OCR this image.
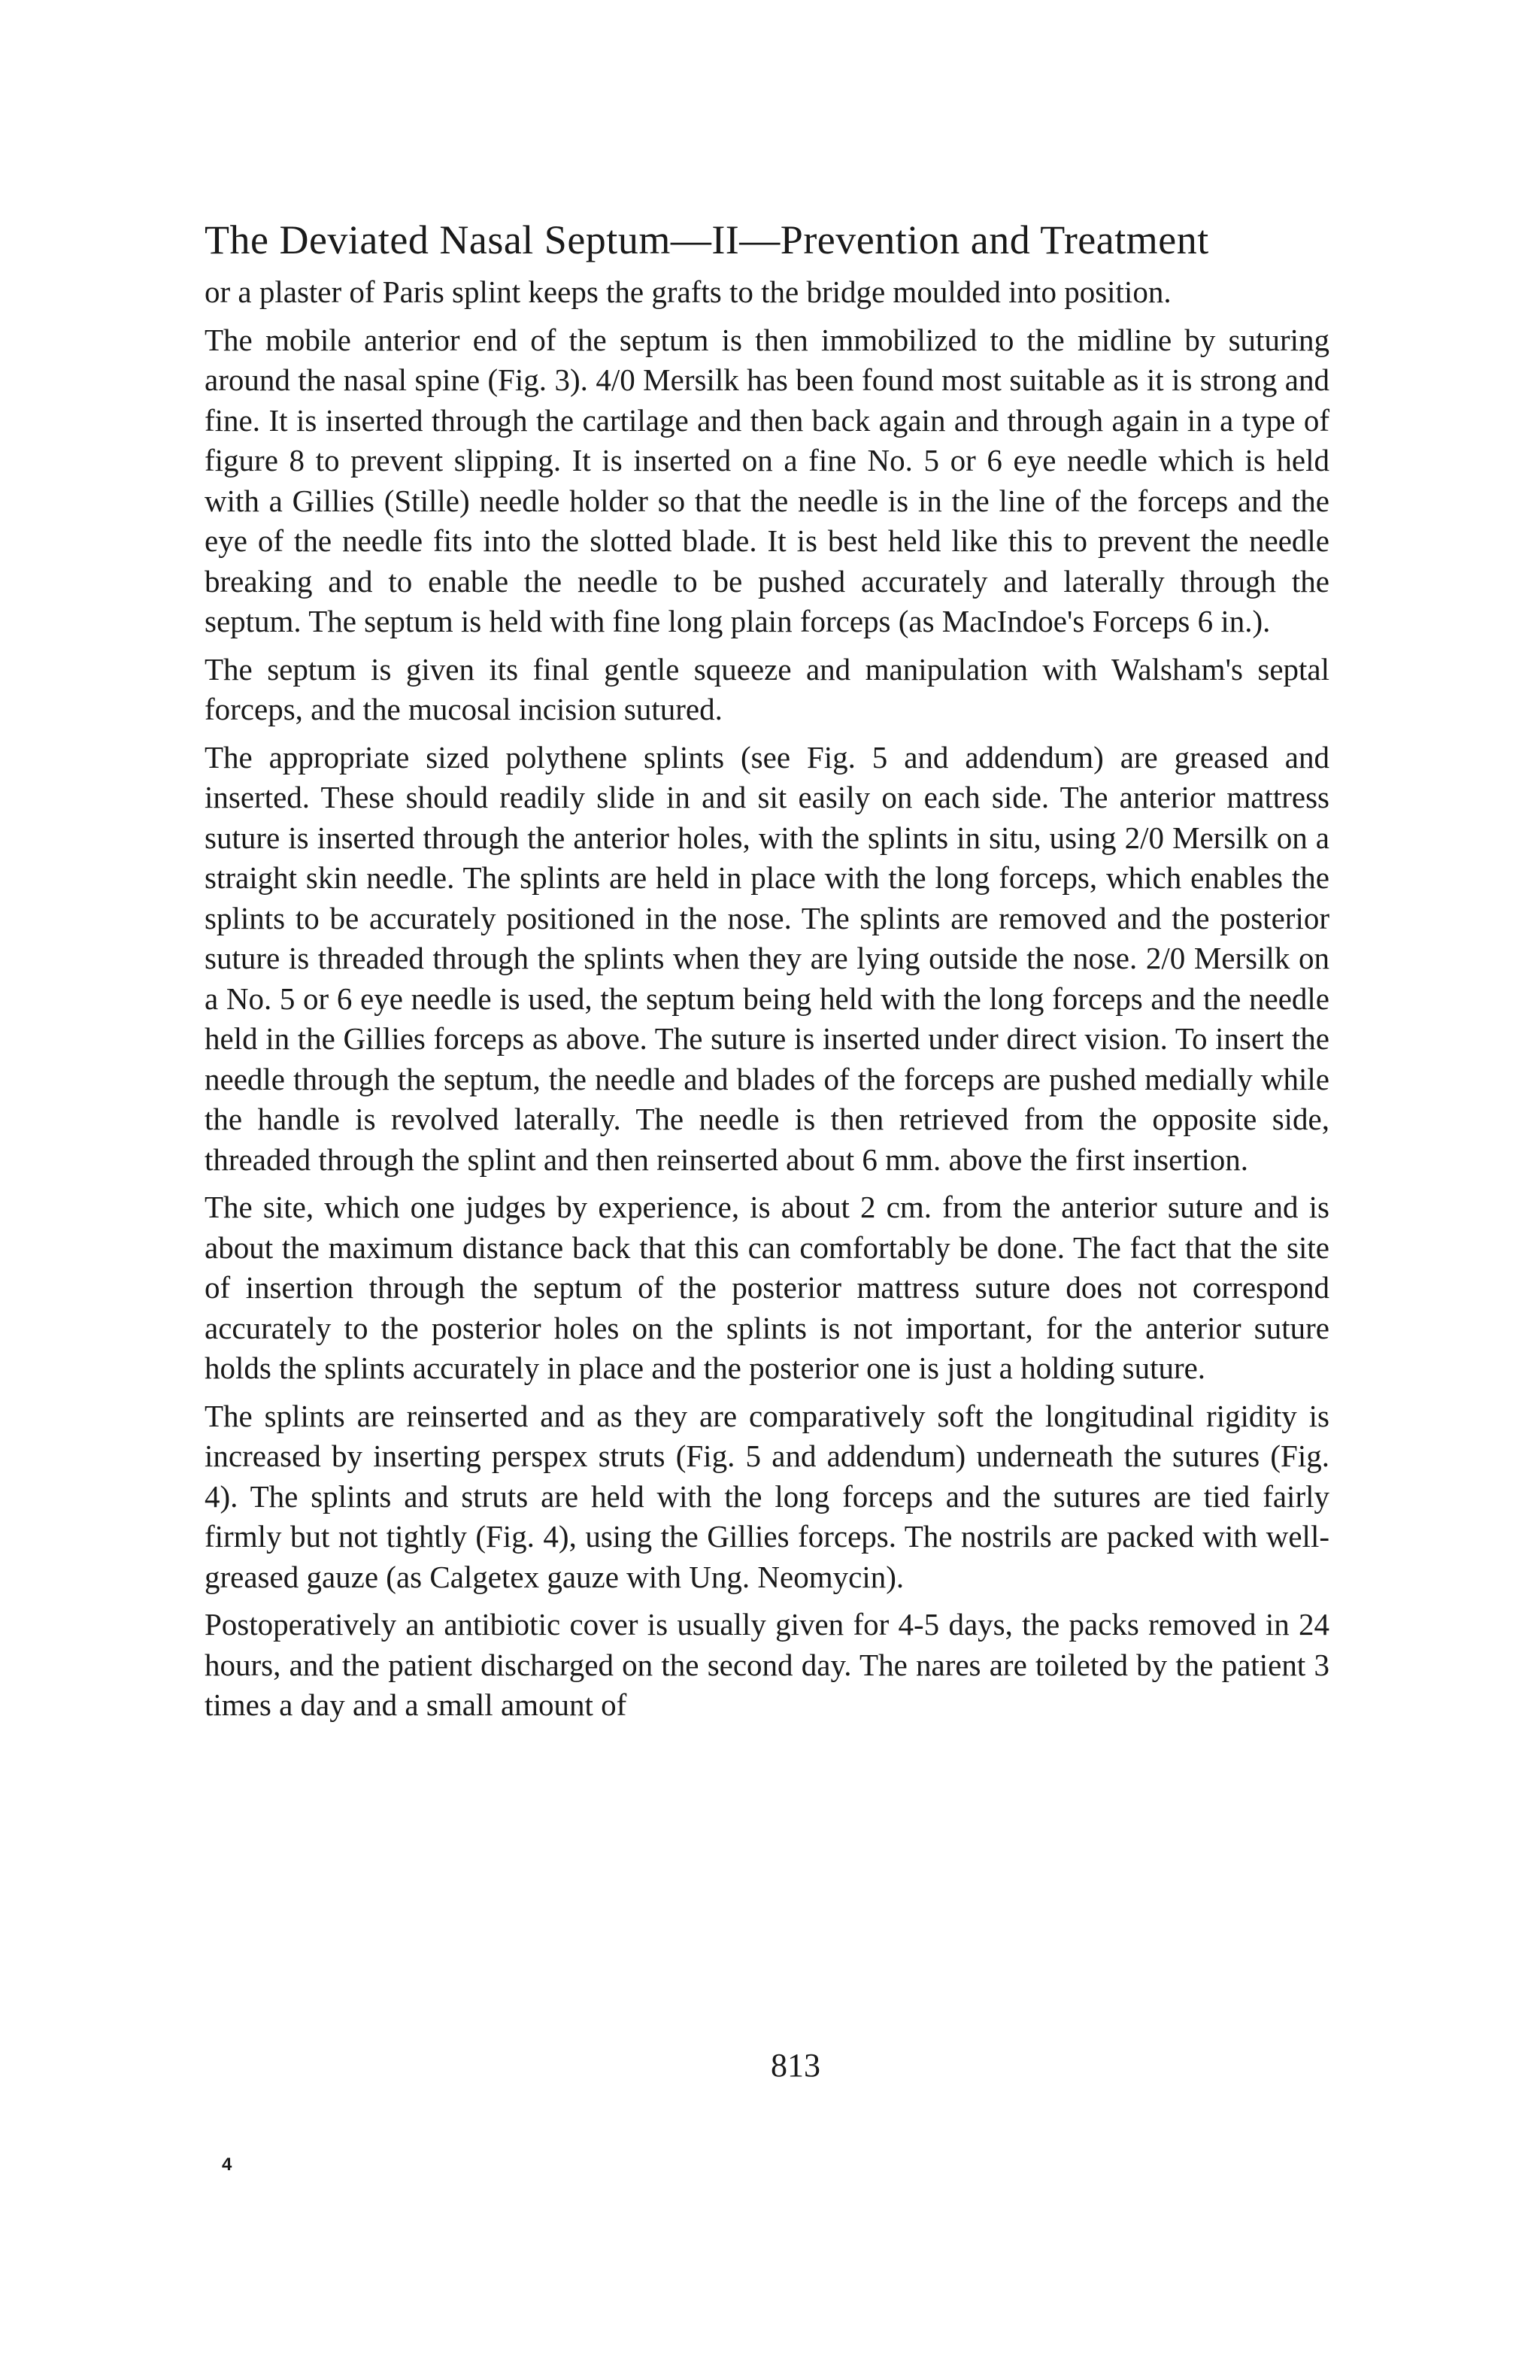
The Deviated Nasal Septum—II—Prevention and Treatment

or a plaster of Paris splint keeps the grafts to the bridge moulded into position.

The mobile anterior end of the septum is then immobilized to the midline by suturing around the nasal spine (Fig. 3). 4/0 Mersilk has been found most suitable as it is strong and fine. It is inserted through the cartilage and then back again and through again in a type of figure 8 to prevent slipping. It is inserted on a fine No. 5 or 6 eye needle which is held with a Gillies (Stille) needle holder so that the needle is in the line of the forceps and the eye of the needle fits into the slotted blade. It is best held like this to prevent the needle breaking and to enable the needle to be pushed accurately and laterally through the septum. The septum is held with fine long plain forceps (as MacIndoe's Forceps 6 in.).

The septum is given its final gentle squeeze and manipulation with Walsham's septal forceps, and the mucosal incision sutured.

The appropriate sized polythene splints (see Fig. 5 and addendum) are greased and inserted. These should readily slide in and sit easily on each side. The anterior mattress suture is inserted through the anterior holes, with the splints in situ, using 2/0 Mersilk on a straight skin needle. The splints are held in place with the long forceps, which enables the splints to be accurately positioned in the nose. The splints are removed and the posterior suture is threaded through the splints when they are lying outside the nose. 2/0 Mersilk on a No. 5 or 6 eye needle is used, the septum being held with the long forceps and the needle held in the Gillies forceps as above. The suture is inserted under direct vision. To insert the needle through the septum, the needle and blades of the forceps are pushed medially while the handle is revolved laterally. The needle is then retrieved from the opposite side, threaded through the splint and then reinserted about 6 mm. above the first insertion.

The site, which one judges by experience, is about 2 cm. from the anterior suture and is about the maximum distance back that this can comfortably be done. The fact that the site of insertion through the septum of the posterior mattress suture does not correspond accurately to the posterior holes on the splints is not important, for the anterior suture holds the splints accurately in place and the posterior one is just a holding suture.

The splints are reinserted and as they are comparatively soft the longitudinal rigidity is increased by inserting perspex struts (Fig. 5 and addendum) underneath the sutures (Fig. 4). The splints and struts are held with the long forceps and the sutures are tied fairly firmly but not tightly (Fig. 4), using the Gillies forceps. The nostrils are packed with well-greased gauze (as Calgetex gauze with Ung. Neomycin).

Postoperatively an antibiotic cover is usually given for 4-5 days, the packs removed in 24 hours, and the patient discharged on the second day. The nares are toileted by the patient 3 times a day and a small amount of

813
4
